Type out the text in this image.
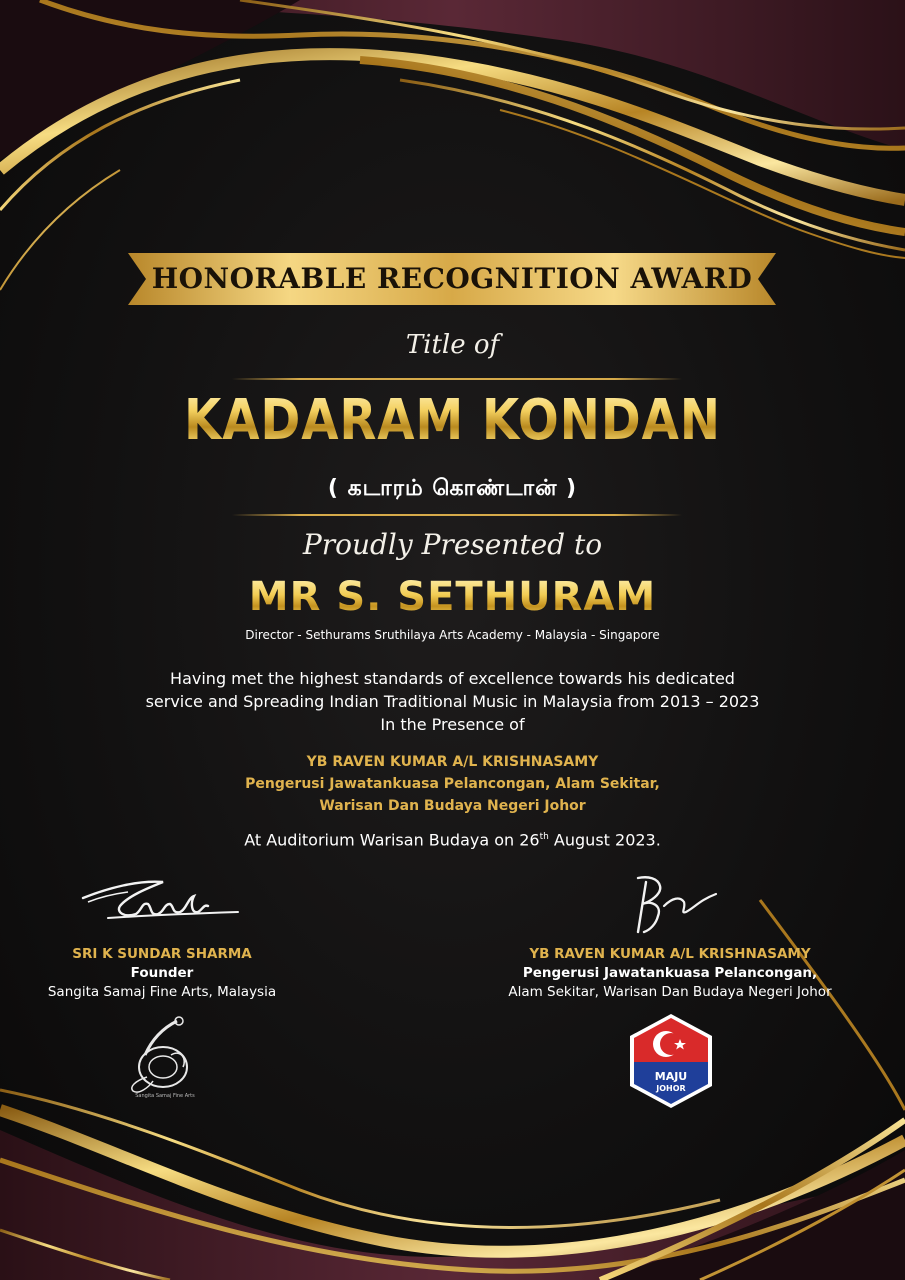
HONORABLE RECOGNITION AWARD
Title of
KADARAM KONDAN
( கடாரம் கொண்டான் )
Proudly Presented to
MR S. SETHURAM
Director - Sethurams Sruthilaya Arts Academy - Malaysia - Singapore
Having met the highest standards of excellence towards his dedicated
service and Spreading Indian Traditional Music in Malaysia from 2013 – 2023
In the Presence of
YB RAVEN KUMAR A/L KRISHNASAMY
Pengerusi Jawatankuasa Pelancongan, Alam Sekitar,
Warisan Dan Budaya Negeri Johor
At Auditorium Warisan Budaya on 26th August 2023.
SRI K SUNDAR SHARMA
Founder
Sangita Samaj Fine Arts, Malaysia
YB RAVEN KUMAR A/L KRISHNASAMY
Pengerusi Jawatankuasa Pelancongan,
Alam Sekitar, Warisan Dan Budaya Negeri Johor
Sangita Samaj Fine Arts
MAJU
JOHOR
